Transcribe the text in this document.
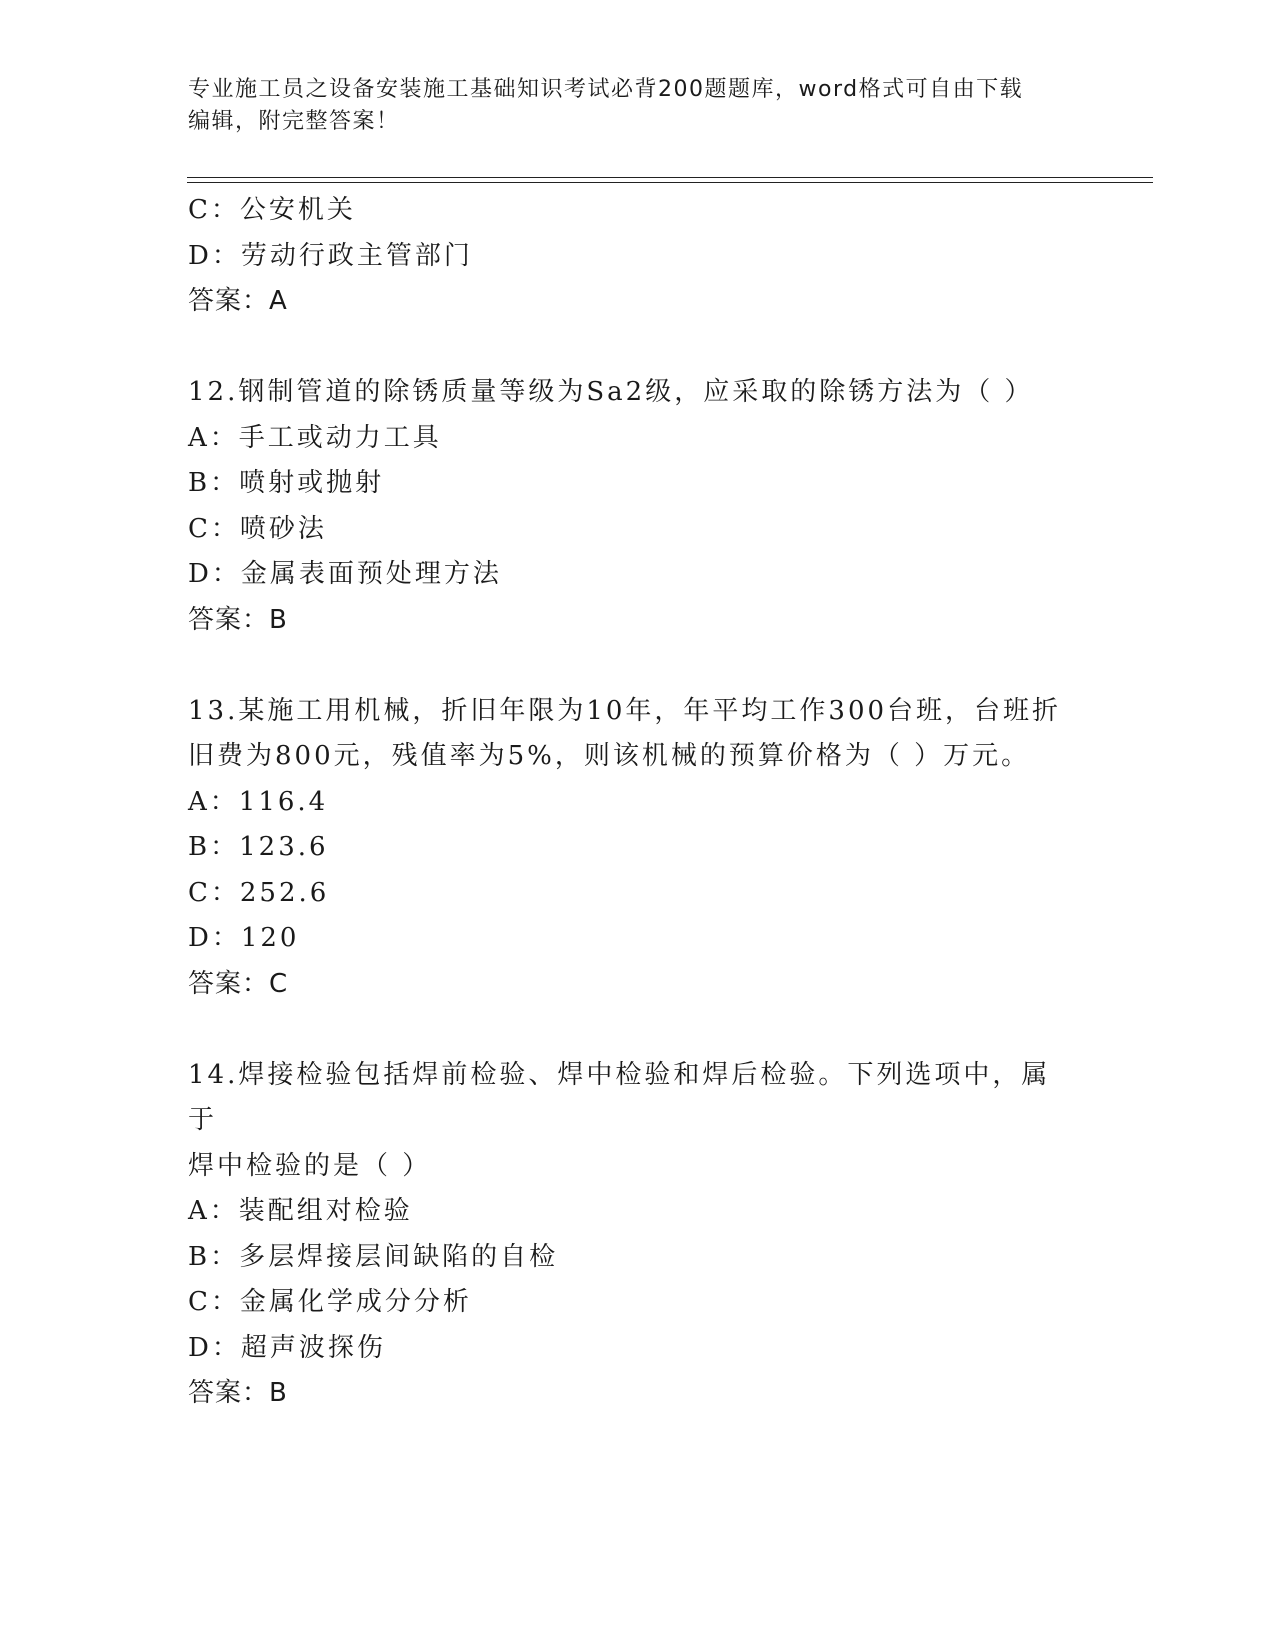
专业施工员之设备安装施工基础知识考试必背200题题库，word格式可自由下载
编辑，附完整答案！
C：公安机关
D：劳动行政主管部门
答案：A
12.钢制管道的除锈质量等级为Sa2级，应采取的除锈方法为（ ）
A：手工或动力工具
B：喷射或抛射
C：喷砂法
D：金属表面预处理方法
答案：B
13.某施工用机械，折旧年限为10年，年平均工作300台班，台班折
旧费为800元，残值率为5%，则该机械的预算价格为（ ）万元。
A：116.4
B：123.6
C：252.6
D：120
答案：C
14.焊接检验包括焊前检验、焊中检验和焊后检验。下列选项中，属于
焊中检验的是（ ）
A：装配组对检验
B：多层焊接层间缺陷的自检
C：金属化学成分分析
D：超声波探伤
答案：B
